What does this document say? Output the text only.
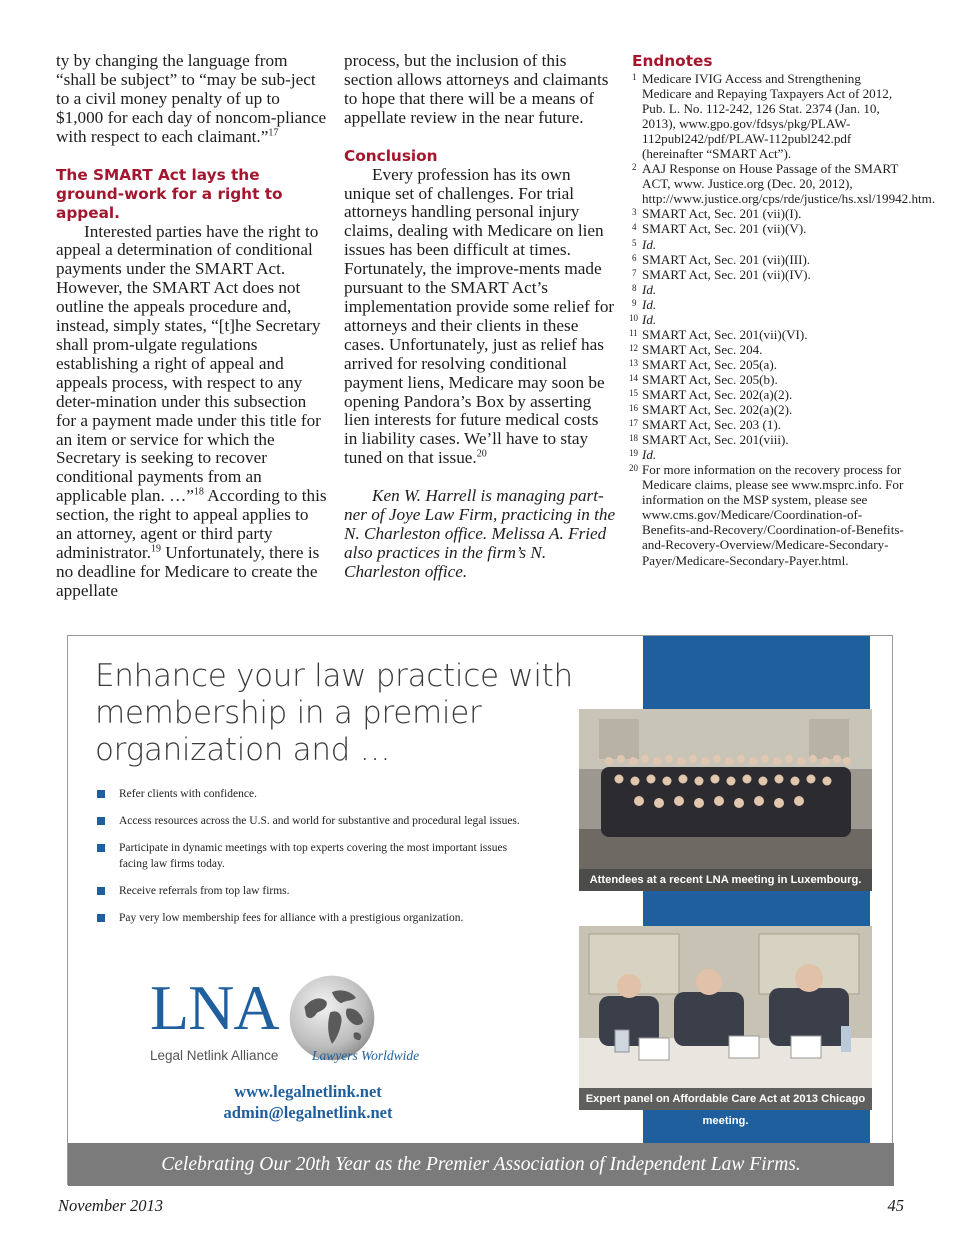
ty by changing the language from “shall be subject” to “may be sub-ject to a civil money penalty of up to $1,000 for each day of noncom-pliance with respect to each claimant.”$^{17}$

The SMART Act lays the ground-work for a right to appeal.

Interested parties have the right to appeal a determination of conditional payments under the SMART Act. However, the SMART Act does not outline the appeals procedure and, instead, simply states, “[t]he Secretary shall prom-ulgate regulations establishing a right of appeal and appeals process, with respect to any deter-mination under this subsection for a payment made under this title for an item or service for which the Secretary is seeking to recover conditional payments from an applicable plan. …”$^{18}$ According to this section, the right to appeal applies to an attorney, agent or third party administrator.$^{19}$ Unfortunately, there is no deadline for Medicare to create the appellate

process, but the inclusion of this section allows attorneys and claimants to hope that there will be a means of appellate review in the near future.

Conclusion

Every profession has its own unique set of challenges. For trial attorneys handling personal injury claims, dealing with Medicare on lien issues has been difficult at times. Fortunately, the improve-ments made pursuant to the SMART Act’s implementation provide some relief for attorneys and their clients in these cases. Unfortunately, just as relief has arrived for resolving conditional payment liens, Medicare may soon be opening Pandora’s Box by asserting lien interests for future medical costs in liability cases. We’ll have to stay tuned on that issue.$^{20}$

Ken W. Harrell is managing part-ner of Joye Law Firm, practicing in the N. Charleston office. Melissa A. Fried also practices in the firm’s N. Charleston office.

Endnotes

1 Medicare IVIG Access and Strengthening Medicare and Repaying Taxpayers Act of 2012, Pub. L. No. 112-242, 126 Stat. 2374 (Jan. 10, 2013), www.gpo.gov/fdsys/pkg/PLAW-112publ242/pdf/PLAW-112publ242.pdf (hereinafter “SMART Act”).
2 AAJ Response on House Passage of the SMART ACT, www. Justice.org (Dec. 20, 2012), http://www.justice.org/cps/rde/justice/hs.xsl/19942.htm.
3 SMART Act, Sec. 201 (vii)(I).
4 SMART Act, Sec. 201 (vii)(V).
5 Id.
6 SMART Act, Sec. 201 (vii)(III).
7 SMART Act, Sec. 201 (vii)(IV).
8 Id.
9 Id.
10 Id.
11 SMART Act, Sec. 201(vii)(VI).
12 SMART Act, Sec. 204.
13 SMART Act, Sec. 205(a).
14 SMART Act, Sec. 205(b).
15 SMART Act, Sec. 202(a)(2).
16 SMART Act, Sec. 202(a)(2).
17 SMART Act, Sec. 203 (1).
18 SMART Act, Sec. 201(viii).
19 Id.
20 For more information on the recovery process for Medicare claims, please see www.msprc.info. For information on the MSP system, please see www.cms.gov/Medicare/Coordination-of-Benefits-and-Recovery/Coordination-of-Benefits-and-Recovery-Overview/Medicare-Secondary-Payer/Medicare-Secondary-Payer.html.
Enhance your law practice with membership in a premier organization and …
Refer clients with confidence.
Access resources across the U.S. and world for substantive and procedural legal issues.
Participate in dynamic meetings with top experts covering the most important issues facing law firms today.
Receive referrals from top law firms.
Pay very low membership fees for alliance with a prestigious organization.
LNA
Legal Netlink Alliance Lawyers Worldwide
www.legalnetlink.net
admin@legalnetlink.net
Attendees at a recent LNA meeting in Luxembourg.
Expert panel on Affordable Care Act at 2013 Chicago meeting.
Celebrating Our 20th Year as the Premier Association of Independent Law Firms.
November 2013	45
